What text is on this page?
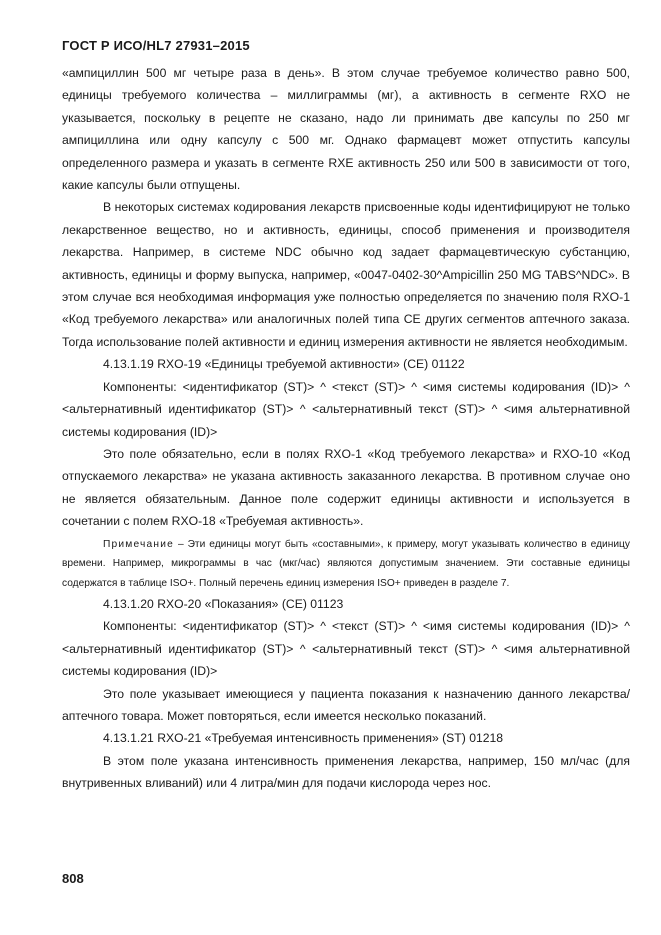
ГОСТ Р ИСО/HL7 27931–2015

«ампициллин 500 мг четыре раза в день». В этом случае требуемое количество равно 500, единицы требуемого количества – миллиграммы (мг), а активность в сегменте RXO не указывается, поскольку в рецепте не сказано, надо ли принимать две капсулы по 250 мг ампициллина или одну капсулу с 500 мг. Однако фармацевт может отпустить капсулы определенного размера и указать в сегменте RXE активность 250 или 500 в зависимости от того, какие капсулы были отпущены.

В некоторых системах кодирования лекарств присвоенные коды идентифицируют не только лекарственное вещество, но и активность, единицы, способ применения и производителя лекарства. Например, в системе NDC обычно код задает фармацевтическую субстанцию, активность, единицы и форму выпуска, например, «0047-0402-30^Ampicillin 250 MG TABS^NDC». В этом случае вся необходимая информация уже полностью определяется по значению поля RXO-1 «Код требуемого лекарства» или аналогичных полей типа CE других сегментов аптечного заказа. Тогда использование полей активности и единиц измерения активности не является необходимым.

4.13.1.19 RXO-19 «Единицы требуемой активности» (CE) 01122

Компоненты: <идентификатор (ST)> ^ <текст (ST)> ^ <имя системы кодирования (ID)> ^ <альтернативный идентификатор (ST)> ^ <альтернативный текст (ST)> ^ <имя альтернативной системы кодирования (ID)>

Это поле обязательно, если в полях RXO-1 «Код требуемого лекарства» и RXO-10 «Код отпускаемого лекарства» не указана активность заказанного лекарства. В противном случае оно не является обязательным. Данное поле содержит единицы активности и используется в сочетании с полем RXO-18 «Требуемая активность».

Примечание – Эти единицы могут быть «составными», к примеру, могут указывать количество в единицу времени. Например, микрограммы в час (мкг/час) являются допустимым значением. Эти составные единицы содержатся в таблице ISO+. Полный перечень единиц измерения ISO+ приведен в разделе 7.

4.13.1.20 RXO-20 «Показания» (CE) 01123

Компоненты: <идентификатор (ST)> ^ <текст (ST)> ^ <имя системы кодирования (ID)> ^ <альтернативный идентификатор (ST)> ^ <альтернативный текст (ST)> ^ <имя альтернативной системы кодирования (ID)>

Это поле указывает имеющиеся у пациента показания к назначению данного лекарства/аптечного товара. Может повторяться, если имеется несколько показаний.

4.13.1.21 RXO-21 «Требуемая интенсивность применения» (ST) 01218

В этом поле указана интенсивность применения лекарства, например, 150 мл/час (для внутривенных вливаний) или 4 литра/мин для подачи кислорода через нос.

808
